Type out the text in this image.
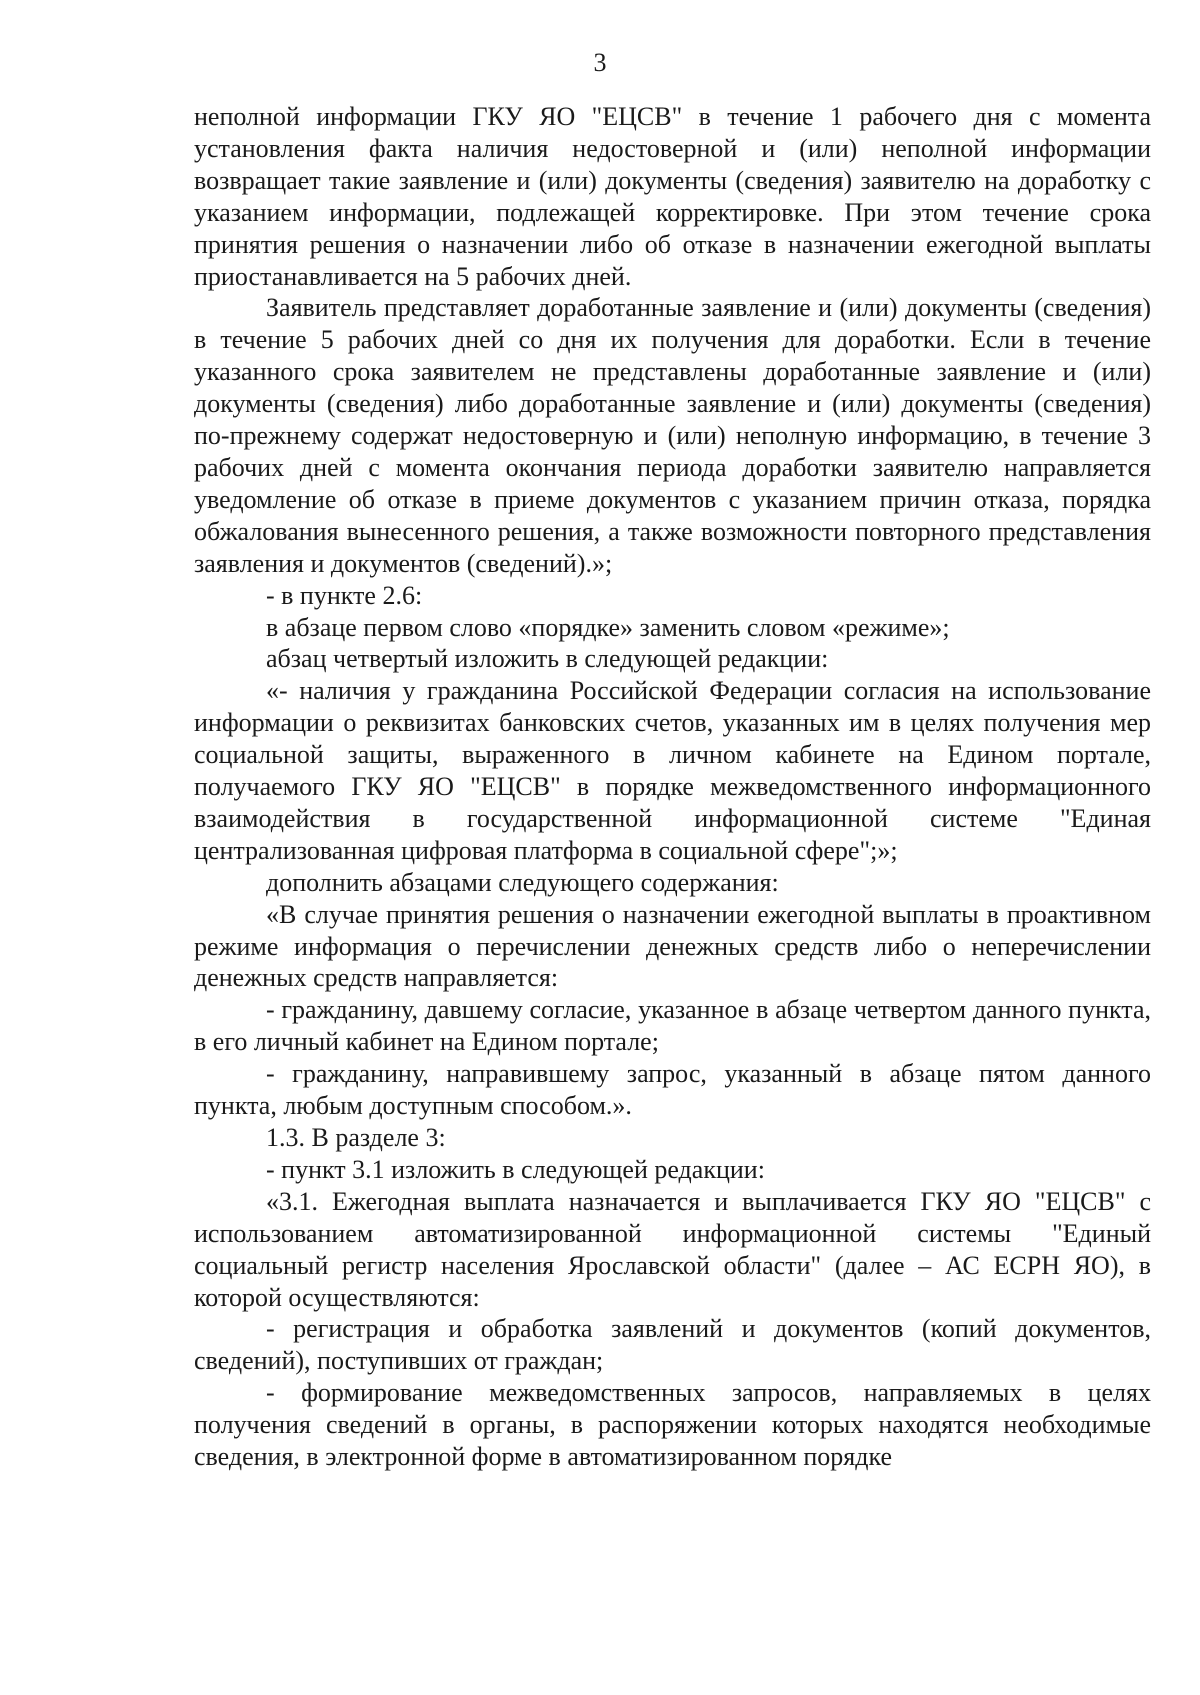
3

неполной информации ГКУ ЯО "ЕЦСВ" в течение 1 рабочего дня с момента установления факта наличия недостоверной и (или) неполной информации возвращает такие заявление и (или) документы (сведения) заявителю на доработку с указанием информации, подлежащей корректировке. При этом течение срока принятия решения о назначении либо об отказе в назначении ежегодной выплаты приостанавливается на 5 рабочих дней.

Заявитель представляет доработанные заявление и (или) документы (сведения) в течение 5 рабочих дней со дня их получения для доработки. Если в течение указанного срока заявителем не представлены доработанные заявление и (или) документы (сведения) либо доработанные заявление и (или) документы (сведения) по-прежнему содержат недостоверную и (или) неполную информацию, в течение 3 рабочих дней с момента окончания периода доработки заявителю направляется уведомление об отказе в приеме документов с указанием причин отказа, порядка обжалования вынесенного решения, а также возможности повторного представления заявления и документов (сведений).»;

- в пункте 2.6:

в абзаце первом слово «порядке» заменить словом «режиме»;

абзац четвертый изложить в следующей редакции:

«- наличия у гражданина Российской Федерации согласия на использование информации о реквизитах банковских счетов, указанных им в целях получения мер социальной защиты, выраженного в личном кабинете на Едином портале, получаемого ГКУ ЯО "ЕЦСВ" в порядке межведомственного информационного взаимодействия в государственной информационной системе "Единая централизованная цифровая платформа в социальной сфере";»;

дополнить абзацами следующего содержания:

«В случае принятия решения о назначении ежегодной выплаты в проактивном режиме информация о перечислении денежных средств либо о неперечислении денежных средств направляется:

- гражданину, давшему согласие, указанное в абзаце четвертом данного пункта, в его личный кабинет на Едином портале;

- гражданину, направившему запрос, указанный в абзаце пятом данного пункта, любым доступным способом.».

1.3. В разделе 3:

- пункт 3.1 изложить в следующей редакции:

«3.1. Ежегодная выплата назначается и выплачивается ГКУ ЯО "ЕЦСВ" с использованием автоматизированной информационной системы "Единый социальный регистр населения Ярославской области" (далее – АС ЕСРН ЯО), в которой осуществляются:

- регистрация и обработка заявлений и документов (копий документов, сведений), поступивших от граждан;

- формирование межведомственных запросов, направляемых в целях получения сведений в органы, в распоряжении которых находятся необходимые сведения, в электронной форме в автоматизированном порядке
